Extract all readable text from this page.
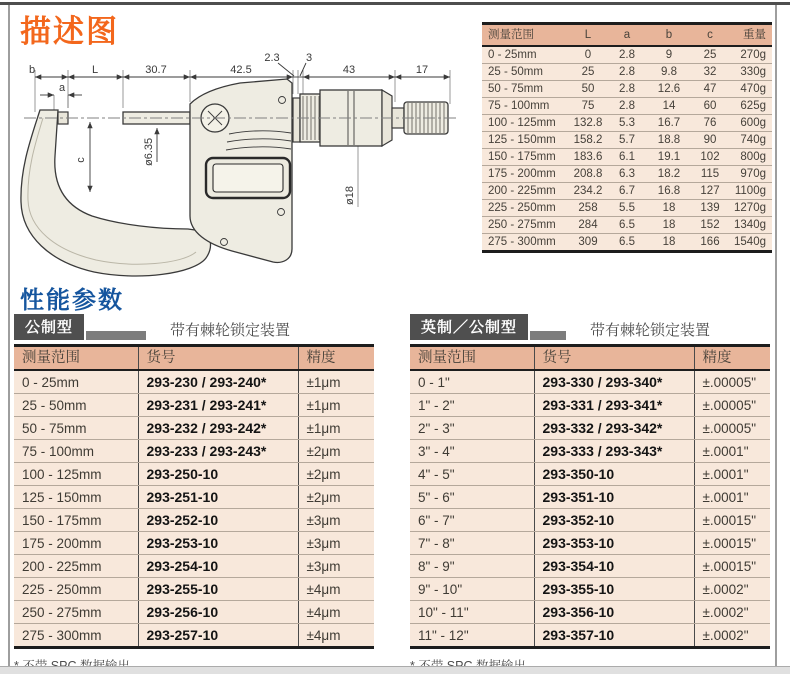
描述图
b	L	30.7	42.5
2.3 3
43	17
a
c	ø6.35
ø18
测量范围	L	a	b	c	重量
0 - 25mm	0	2.8	9	25	270g
25 - 50mm	25	2.8	9.8	32	330g
50 - 75mm	50	2.8	12.6	47	470g
75 - 100mm	75	2.8	14	60	625g
100 - 125mm	132.8	5.3	16.7	76	600g
125 - 150mm	158.2	5.7	18.8	90	740g
150 - 175mm	183.6	6.1	19.1	102	800g
175 - 200mm	208.8	6.3	18.2	115	970g
200 - 225mm	234.2	6.7	16.8	127	1100g
225 - 250mm	258	5.5	18	139	1270g
250 - 275mm	284	6.5	18	152	1340g
275 - 300mm	309	6.5	18	166	1540g
性能参数
公制型	带有棘轮锁定装置
测量范围	货号	精度
0 - 25mm	293-230 / 293-240*	±1μm
25 - 50mm	293-231 / 293-241*	±1μm
50 - 75mm	293-232 / 293-242*	±1μm
75 - 100mm	293-233 / 293-243*	±2μm
100 - 125mm	293-250-10	±2μm
125 - 150mm	293-251-10	±2μm
150 - 175mm	293-252-10	±3μm
175 - 200mm	293-253-10	±3μm
200 - 225mm	293-254-10	±3μm
225 - 250mm	293-255-10	±4μm
250 - 275mm	293-256-10	±4μm
275 - 300mm	293-257-10	±4μm
英制／公制型	带有棘轮锁定装置
测量范围	货号	精度
0 - 1"	293-330 / 293-340*	±.00005"
1" - 2"	293-331 / 293-341*	±.00005"
2" - 3"	293-332 / 293-342*	±.00005"
3" - 4"	293-333 / 293-343*	±.0001"
4" - 5"	293-350-10	±.0001"
5" - 6"	293-351-10	±.0001"
6" - 7"	293-352-10	±.00015"
7" - 8"	293-353-10	±.00015"
8" - 9"	293-354-10	±.00015"
9" - 10"	293-355-10	±.0002"
10" - 11"	293-356-10	±.0002"
11" - 12"	293-357-10	±.0002"
